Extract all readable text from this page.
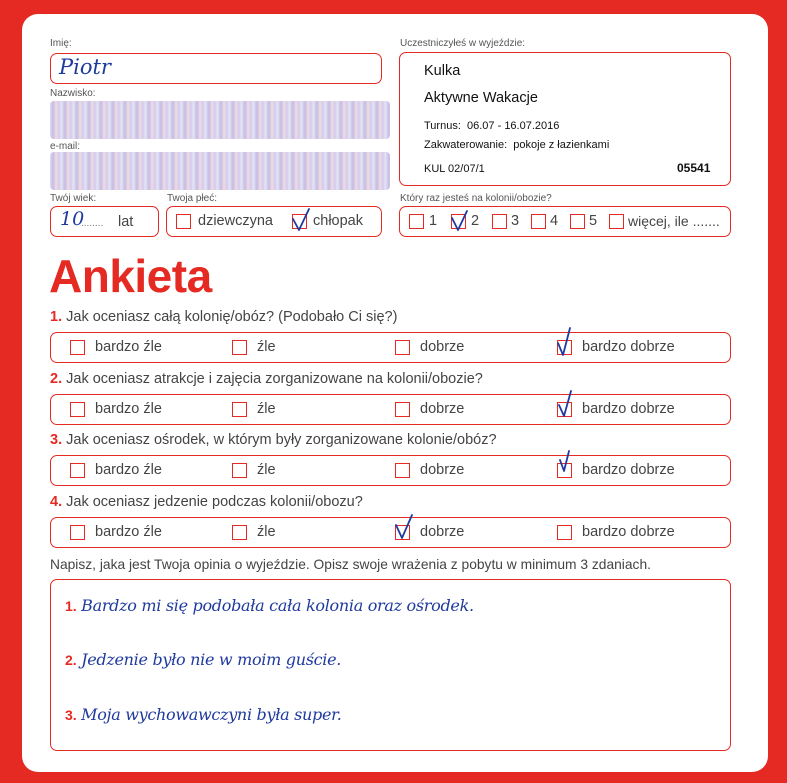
Imię:
Piotr
Nazwisko:
e-mail:
Uczestniczyłeś w wyjeździe:
Kulka
Aktywne Wakacje
Turnus: 06.07 - 16.07.2016
Zakwaterowanie: pokoje z łazienkami
KUL 02/07/1	05541
Twój wiek:
10
........ lat
Twoja płeć:
dziewczyna	chłopak
Który raz jesteś na kolonii/obozie?
1 2 3 4 5 więcej, ile .......
Ankieta
1. Jak oceniasz całą kolonię/obóz? (Podobało Ci się?)
bardzo źle	źle	dobrze	bardzo dobrze
2. Jak oceniasz atrakcje i zajęcia zorganizowane na kolonii/obozie?
bardzo źle	źle	dobrze	bardzo dobrze
3. Jak oceniasz ośrodek, w którym były zorganizowane kolonie/obóz?
bardzo źle	źle	dobrze	bardzo dobrze
4. Jak oceniasz jedzenie podczas kolonii/obozu?
bardzo źle	źle	dobrze	bardzo dobrze
Napisz, jaka jest Twoja opinia o wyjeździe. Opisz swoje wrażenia z pobytu w minimum 3 zdaniach.
1. Bardzo mi się podobała cała kolonia oraz ośrodek.
2. Jedzenie było nie w moim guście.
3. Moja wychowawczyni była super.
